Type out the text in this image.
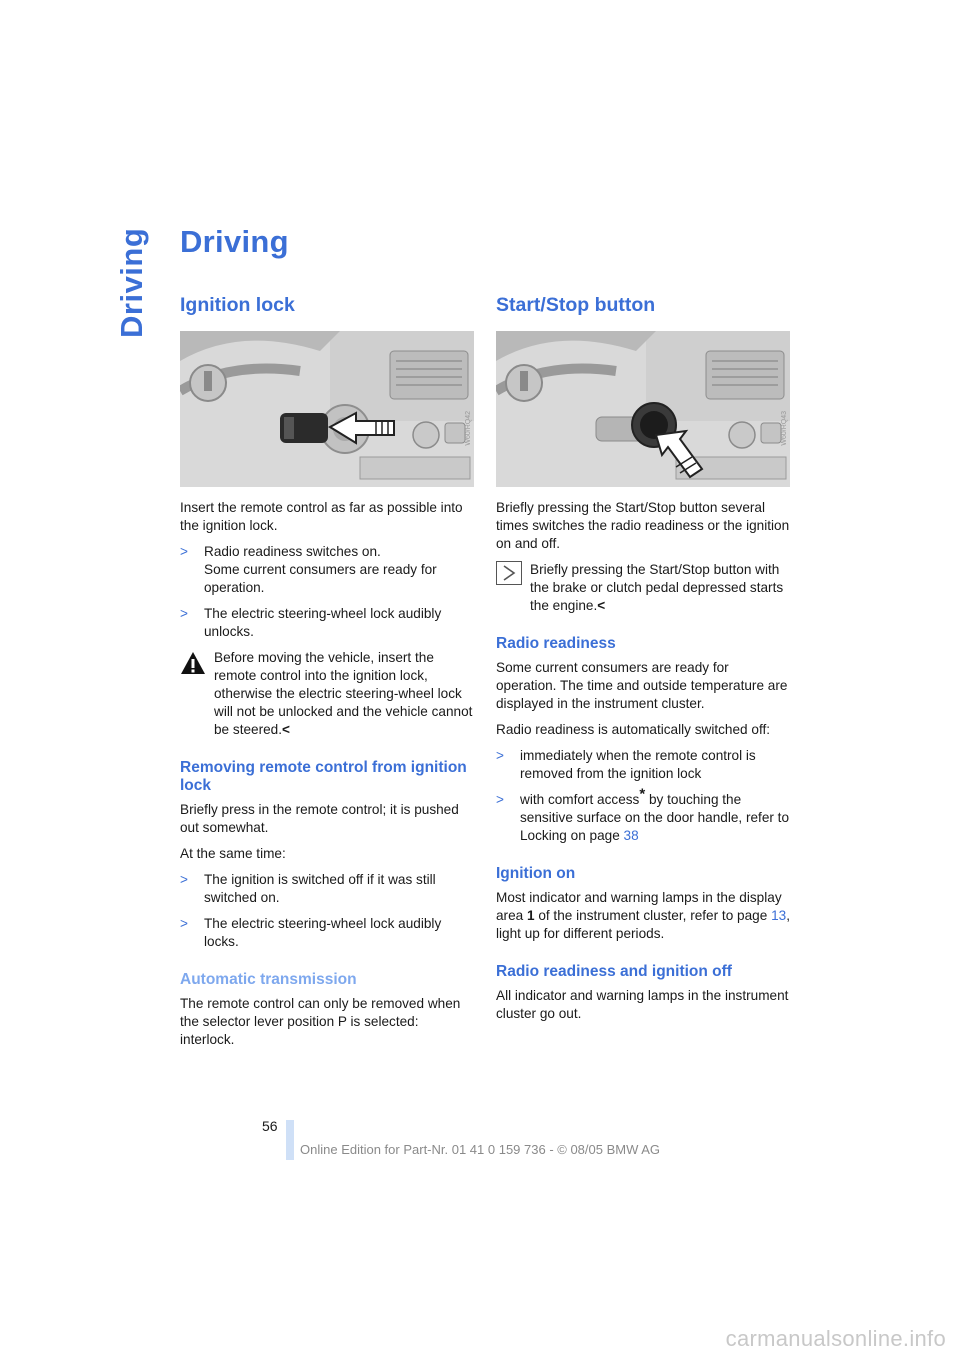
Driving Driving
Ignition lock
W60/RQ42

Insert the remote control as far as possible into the ignition lock.

>	Radio readiness switches on.
Some current consumers are ready for operation.
>	The electric steering-wheel lock audibly unlocks.
Before moving the vehicle, insert the remote control into the ignition lock, otherwise the electric steering-wheel lock will not be unlocked and the vehicle cannot be steered.<
Removing remote control from ignition lock

Briefly press in the remote control; it is pushed out somewhat.

At the same time:

>	The ignition is switched off if it was still switched on.
>	The electric steering-wheel lock audibly locks.
Automatic transmission

The remote control can only be removed when the selector lever position P is selected: interlock.

Start/Stop button
W60/RQ43

Briefly pressing the Start/Stop button several times switches the radio readiness or the ignition on and off.

Briefly pressing the Start/Stop button with the brake or clutch pedal depressed starts the engine.<
Radio readiness

Some current consumers are ready for operation. The time and outside temperature are displayed in the instrument cluster.

Radio readiness is automatically switched off:

>	immediately when the remote control is removed from the ignition lock
>	with comfort access* by touching the sensitive surface on the door handle, refer to Locking on page 38
Ignition on

Most indicator and warning lamps in the display area 1 of the instrument cluster, refer to page 13, light up for different periods.

Radio readiness and ignition off

All indicator and warning lamps in the instrument cluster go out.

56
Online Edition for Part-Nr. 01 41 0 159 736 - © 08/05 BMW AG
carmanualsonline.info
